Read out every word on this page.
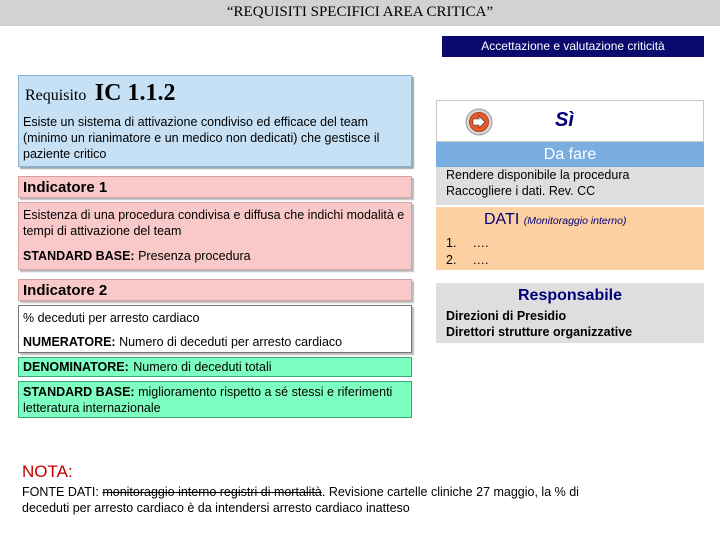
“REQUISITI SPECIFICI AREA CRITICA”
Accettazione e valutazione criticità
Requisito IC 1.1.2
Esiste un sistema di attivazione condiviso ed efficace del team (minimo un rianimatore e un medico non dedicati) che gestisce il paziente critico
Indicatore 1
Esistenza di una procedura condivisa e diffusa che indichi modalità e tempi di attivazione del team
STANDARD BASE: Presenza procedura
Indicatore 2
% deceduti per arresto cardiaco
NUMERATORE: Numero di deceduti per arresto cardiaco
DENOMINATORE: Numero di deceduti totali
STANDARD BASE: miglioramento rispetto a sé stessi e riferimenti letteratura internazionale
Sì
Da fare
Rendere disponibile la procedura
Raccogliere i dati. Rev. CC
DATI (Monitoraggio interno)
1. ….
2. ….
Responsabile
Direzioni di Presidio
Direttori strutture organizzative
NOTA:
FONTE DATI: monitoraggio interno registri di mortalità. Revisione cartelle cliniche 27 maggio, la % di
deceduti per arresto cardiaco è da intendersi arresto cardiaco inatteso
